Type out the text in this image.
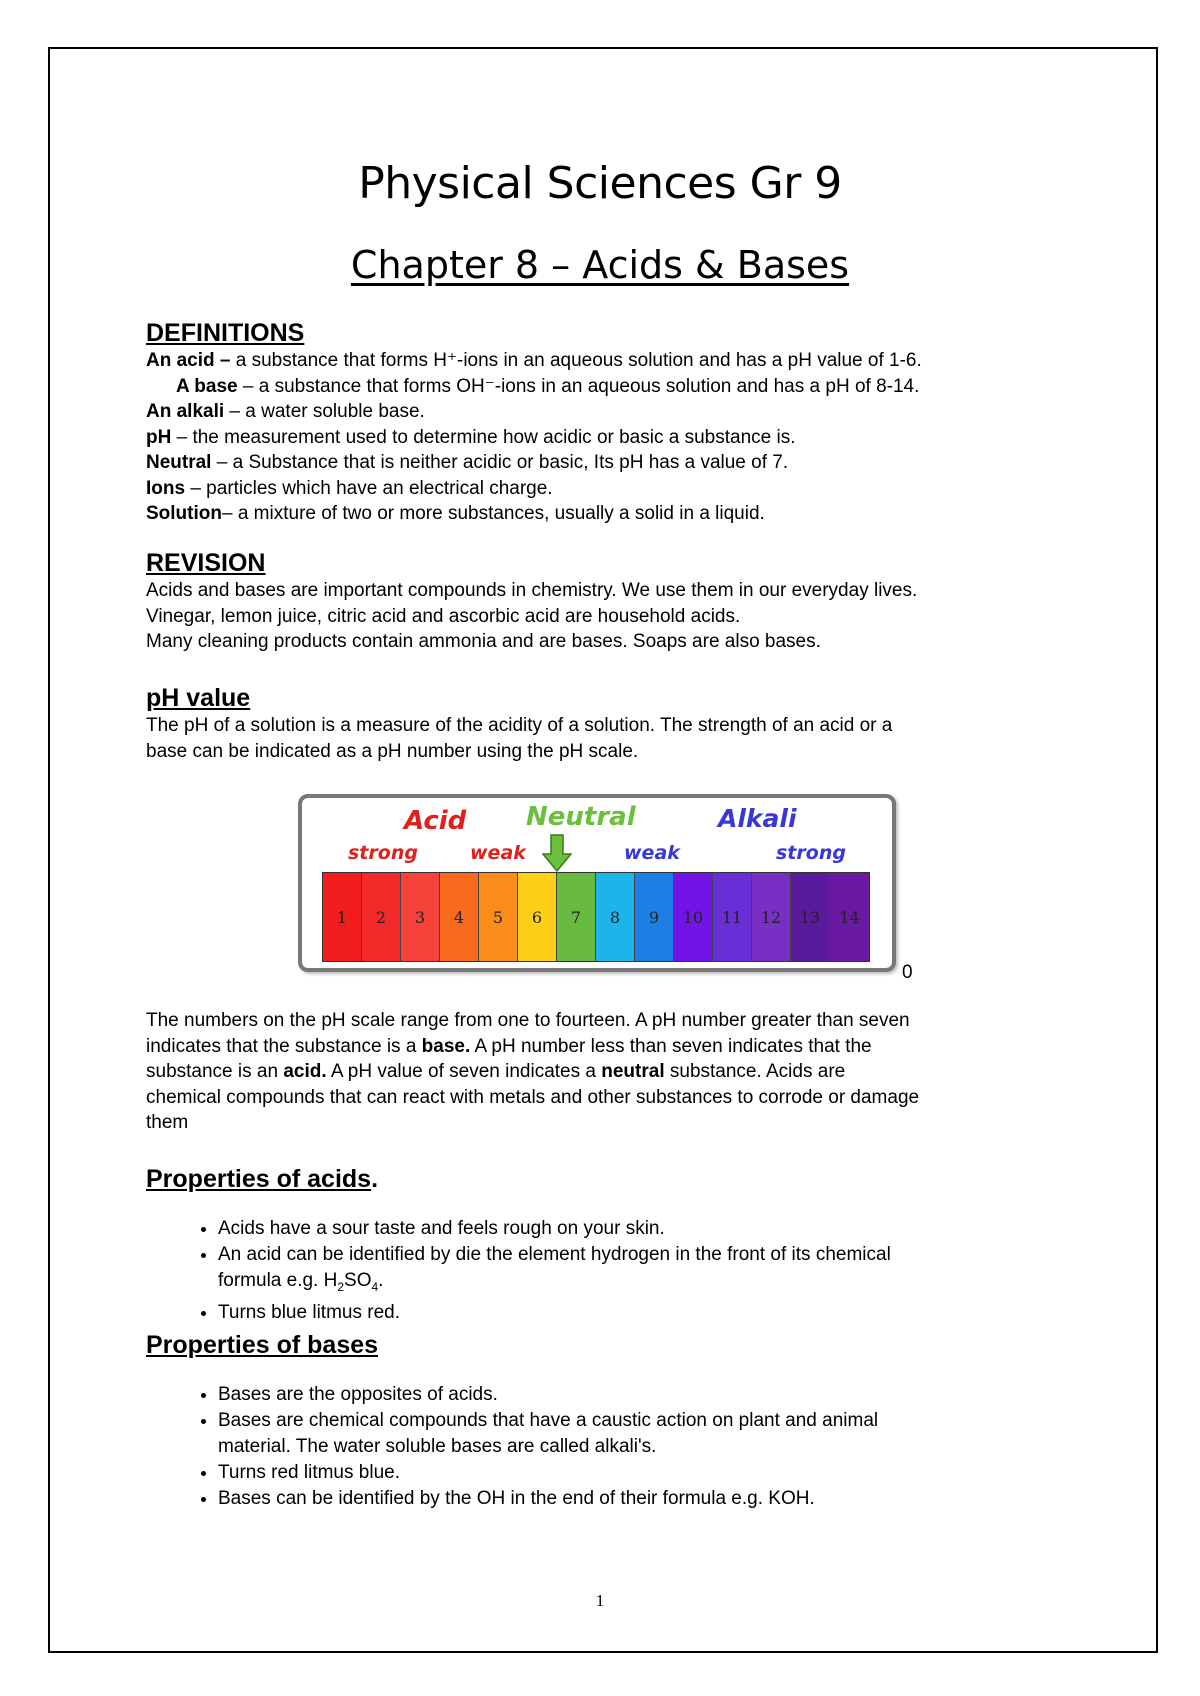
Physical Sciences Gr 9
Chapter 8 – Acids & Bases
DEFINITIONS
An acid – a substance that forms H⁺-ions in an aqueous solution and has a pH value of 1-6.
A base – a substance that forms OH⁻-ions in an aqueous solution and has a pH of 8-14.
An alkali – a water soluble base.
pH – the measurement used to determine how acidic or basic a substance is.
Neutral – a Substance that is neither acidic or basic, Its pH has a value of 7.
Ions – particles which have an electrical charge.
Solution– a mixture of two or more substances, usually a solid in a liquid.
REVISION
Acids and bases are important compounds in chemistry. We use them in our everyday lives.
Vinegar, lemon juice, citric acid and ascorbic acid are household acids.
Many cleaning products contain ammonia and are bases. Soaps are also bases.
pH value
The pH of a solution is a measure of the acidity of a solution. The strength of an acid or a
base can be indicated as a pH number using the pH scale.
Acid Neutral	Alkali
strong	weak	weak	strong
1	2	3	4	5	6	7	8	9	10	11	12	13	14
0
The numbers on the pH scale range from one to fourteen. A pH number greater than seven
indicates that the substance is a base. A pH number less than seven indicates that the
substance is an acid. A pH value of seven indicates a neutral substance. Acids are
chemical compounds that can react with metals and other substances to corrode or damage
them
Properties of acids.
• Acids have a sour taste and feels rough on your skin.
• An acid can be identified by die the element hydrogen in the front of its chemical
formula e.g. $H_2SO_4$.
• Turns blue litmus red.
Properties of bases
• Bases are the opposites of acids.
• Bases are chemical compounds that have a caustic action on plant and animal
material. The water soluble bases are called alkali's.
• Turns red litmus blue.
• Bases can be identified by the OH in the end of their formula e.g. KOH.
1
